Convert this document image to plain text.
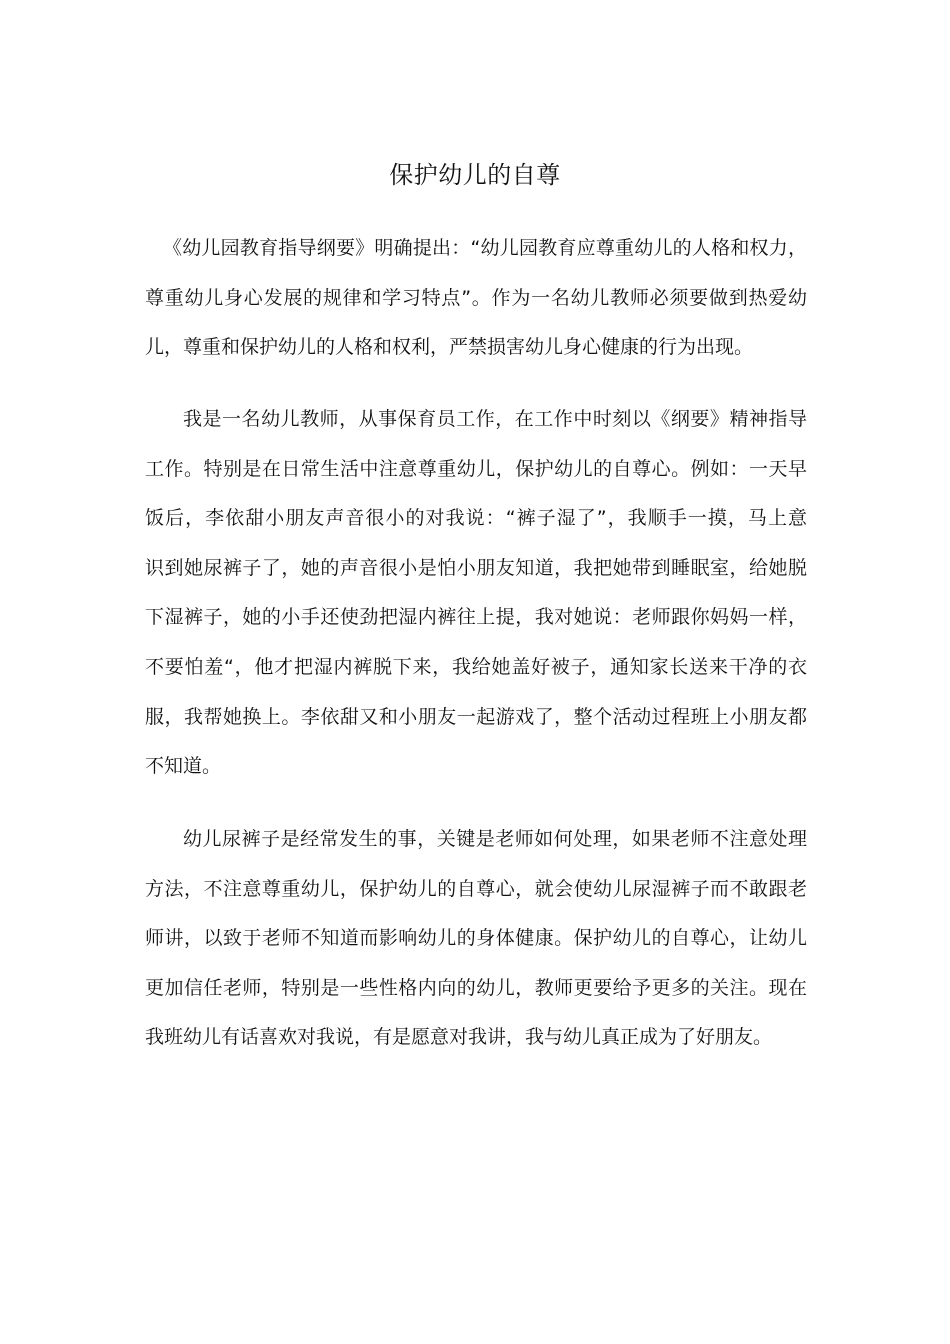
保护幼儿的自尊

《幼儿园教育指导纲要》明确提出：“幼儿园教育应尊重幼儿的人格和权力，
尊重幼儿身心发展的规律和学习特点”。作为一名幼儿教师必须要做到热爱幼
儿，尊重和保护幼儿的人格和权利，严禁损害幼儿身心健康的行为出现。

我是一名幼儿教师，从事保育员工作，在工作中时刻以《纲要》精神指导
工作。特别是在日常生活中注意尊重幼儿，保护幼儿的自尊心。例如：一天早
饭后，李依甜小朋友声音很小的对我说：“裤子湿了”，我顺手一摸，马上意
识到她尿裤子了，她的声音很小是怕小朋友知道，我把她带到睡眠室，给她脱
下湿裤子，她的小手还使劲把湿内裤往上提，我对她说：老师跟你妈妈一样，
不要怕羞“，他才把湿内裤脱下来，我给她盖好被子，通知家长送来干净的衣
服，我帮她换上。李依甜又和小朋友一起游戏了，整个活动过程班上小朋友都
不知道。

幼儿尿裤子是经常发生的事，关键是老师如何处理，如果老师不注意处理
方法，不注意尊重幼儿，保护幼儿的自尊心，就会使幼儿尿湿裤子而不敢跟老
师讲，以致于老师不知道而影响幼儿的身体健康。保护幼儿的自尊心，让幼儿
更加信任老师，特别是一些性格内向的幼儿，教师更要给予更多的关注。现在
我班幼儿有话喜欢对我说，有是愿意对我讲，我与幼儿真正成为了好朋友。
